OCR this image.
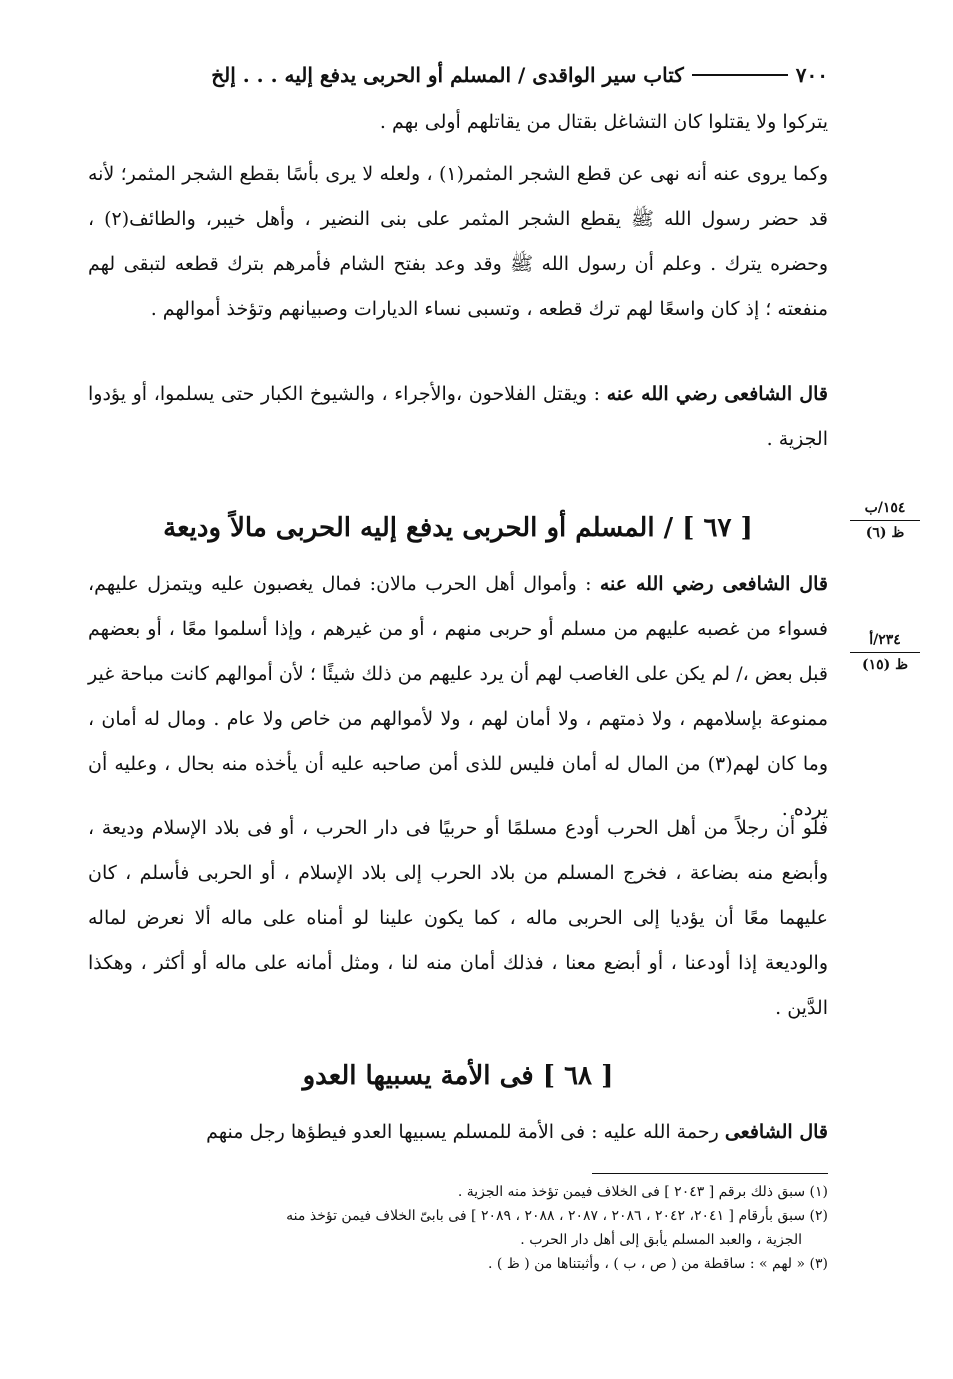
٧٠٠
كتاب سير الواقدى / المسلم أو الحربى يدفع إليه . . . إلخ
يتركوا ولا يقتلوا كان التشاغل بقتال من يقاتلهم أولى بهم .
وكما يروى عنه أنه نهى عن قطع الشجر المثمر(١) ، ولعله لا يرى بأسًا بقطع الشجر المثمر؛ لأنه قد حضر رسول الله ﷺ يقطع الشجر المثمر على بنى النضير ، وأهل خيبر، والطائف(٢) ، وحضره يترك . وعلم أن رسول الله ﷺ وقد وعد بفتح الشام فأمرهم بترك قطعه لتبقى لهم منفعته ؛ إذ كان واسعًا لهم ترك قطعه ، وتسبى نساء الديارات وصبيانهم وتؤخذ أموالهم .
قال الشافعى رضي الله عنه : ويقتل الفلاحون ،والأجراء ، والشيوخ الكبار حتى يسلموا، أو يؤدوا الجزية .
١٥٤/ب
ظ (٦)
[ ٦٧ ] / المسلم أو الحربى يدفع إليه الحربى مالاً وديعة
قال الشافعى رضي الله عنه : وأموال أهل الحرب مالان: فمال يغصبون عليه ويتمزل عليهم، فسواء من غصبه عليهم من مسلم أو حربى منهم ، أو من غيرهم ، وإذا أسلموا معًا ، أو بعضهم قبل بعض ،/ لم يكن على الغاصب لهم أن يرد عليهم من ذلك شيئًا ؛ لأن أموالهم كانت مباحة غير ممنوعة بإسلامهم ، ولا ذمتهم ، ولا أمان لهم ، ولا لأموالهم من خاص ولا عام . ومال له أمان ، وما كان لهم(٣) من المال له أمان فليس للذى أمن صاحبه عليه أن يأخذه منه بحال ، وعليه أن يرده .
٢٣٤/أ
ظ (١٥)
فلو أن رجلاً من أهل الحرب أودع مسلمًا أو حربيًا فى دار الحرب ، أو فى بلاد الإسلام وديعة ، وأبضع منه بضاعة ، فخرج المسلم من بلاد الحرب إلى بلاد الإسلام ، أو الحربى فأسلم ، كان عليهما معًا أن يؤديا إلى الحربى ماله ، كما يكون علينا لو أمناه على ماله ألا نعرض لماله والوديعة إذا أودعنا ، أو أبضع معنا ، فذلك أمان منه لنا ، ومثل أمانه على ماله أو أكثر ، وهكذا الدَّين .
[ ٦٨ ] فى الأمة يسبيها العدو
قال الشافعى رحمة الله عليه : فى الأمة للمسلم يسبيها العدو فيطؤها رجل منهم

(١) سبق ذلك برقم [ ٢٠٤٣ ] فى الخلاف فيمن تؤخذ منه الجزية .

(٢) سبق بأرقام [ ٢٠٤١، ٢٠٤٢ ، ٢٠٨٦ ، ٢٠٨٧ ، ٢٠٨٨ ، ٢٠٨٩ ] فى بابىّ الخلاف فيمن تؤخذ منه

الجزية ، والعبد المسلم يأبق إلى أهل دار الحرب .

(٣) « لهم » : ساقطة من ( ص ، ب ) ، وأثبتناها من ( ظ ) .
